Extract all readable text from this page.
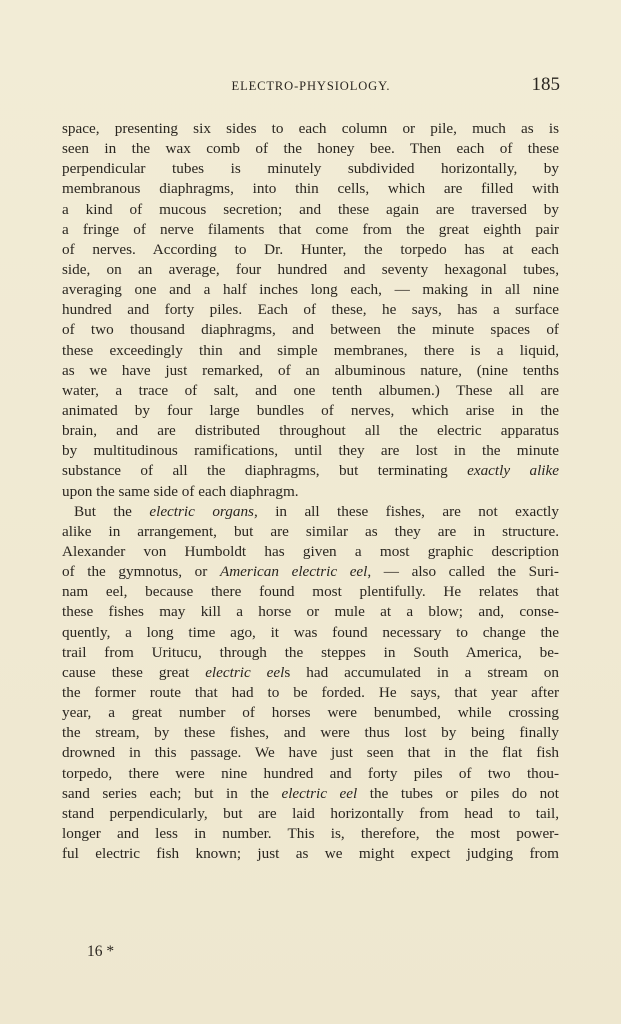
ELECTRO-PHYSIOLOGY.	185
space, presenting six sides to each column or pile, much as is
seen in the wax comb of the honey bee. Then each of these
perpendicular tubes is minutely subdivided horizontally, by
membranous diaphragms, into thin cells, which are filled with
a kind of mucous secretion; and these again are traversed by
a fringe of nerve filaments that come from the great eighth pair
of nerves. According to Dr. Hunter, the torpedo has at each
side, on an average, four hundred and seventy hexagonal tubes,
averaging one and a half inches long each, — making in all nine
hundred and forty piles. Each of these, he says, has a surface
of two thousand diaphragms, and between the minute spaces of
these exceedingly thin and simple membranes, there is a liquid,
as we have just remarked, of an albuminous nature, (nine tenths
water, a trace of salt, and one tenth albumen.) These all are
animated by four large bundles of nerves, which arise in the
brain, and are distributed throughout all the electric apparatus
by multitudinous ramifications, until they are lost in the minute
substance of all the diaphragms, but terminating exactly alike
upon the same side of each diaphragm.
But the electric organs, in all these fishes, are not exactly
alike in arrangement, but are similar as they are in structure.
Alexander von Humboldt has given a most graphic description
of the gymnotus, or American electric eel, — also called the Suri-
nam eel, because there found most plentifully. He relates that
these fishes may kill a horse or mule at a blow; and, conse-
quently, a long time ago, it was found necessary to change the
trail from Uritucu, through the steppes in South America, be-
cause these great electric eels had accumulated in a stream on
the former route that had to be forded. He says, that year after
year, a great number of horses were benumbed, while crossing
the stream, by these fishes, and were thus lost by being finally
drowned in this passage. We have just seen that in the flat fish
torpedo, there were nine hundred and forty piles of two thou-
sand series each; but in the electric eel the tubes or piles do not
stand perpendicularly, but are laid horizontally from head to tail,
longer and less in number. This is, therefore, the most power-
ful electric fish known; just as we might expect judging from
16 *
